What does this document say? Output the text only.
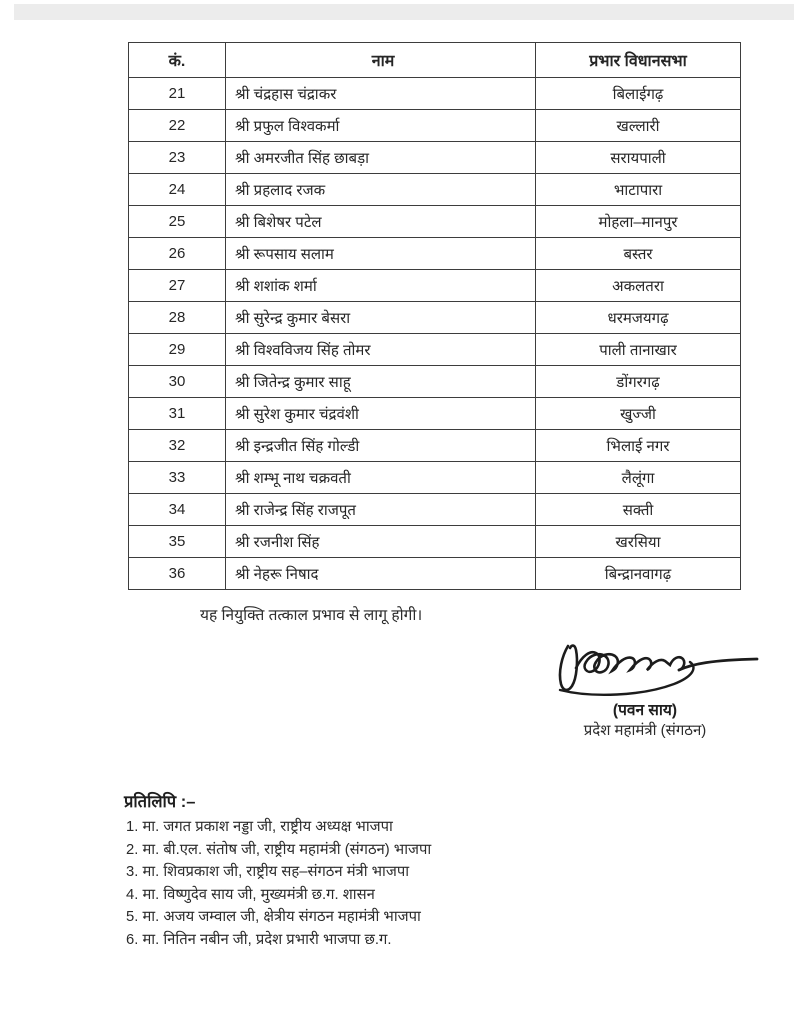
कं.	नाम	प्रभार विधानसभा
21	श्री चंद्रहास चंद्राकर	बिलाईगढ़
22	श्री प्रफुल विश्वकर्मा	खल्लारी
23	श्री अमरजीत सिंह छाबड़ा	सरायपाली
24	श्री प्रहलाद रजक	भाटापारा
25	श्री बिशेषर पटेल	मोहला–मानपुर
26	श्री रूपसाय सलाम	बस्तर
27	श्री शशांक शर्मा	अकलतरा
28	श्री सुरेन्द्र कुमार बेसरा	धरमजयगढ़
29	श्री विश्वविजय सिंह तोमर	पाली तानाखार
30	श्री जितेन्द्र कुमार साहू	डोंगरगढ़
31	श्री सुरेश कुमार चंद्रवंशी	खुज्जी
32	श्री इन्द्रजीत सिंह गोल्डी	भिलाई नगर
33	श्री शम्भू नाथ चक्रवती	लैलूंगा
34	श्री राजेन्द्र सिंह राजपूत	सक्ती
35	श्री रजनीश सिंह	खरसिया
36	श्री नेहरू निषाद	बिन्द्रानवागढ़

यह नियुक्ति तत्काल प्रभाव से लागू होगी।

(पवन साय)
प्रदेश महामंत्री (संगठन)
प्रतिलिपि :–
1. मा. जगत प्रकाश नड्डा जी, राष्ट्रीय अध्यक्ष भाजपा
2. मा. बी.एल. संतोष जी, राष्ट्रीय महामंत्री (संगठन) भाजपा
3. मा. शिवप्रकाश जी, राष्ट्रीय सह–संगठन मंत्री भाजपा
4. मा. विष्णुदेव साय जी, मुख्यमंत्री छ.ग. शासन
5. मा. अजय जम्वाल जी, क्षेत्रीय संगठन महामंत्री भाजपा
6. मा. नितिन नबीन जी, प्रदेश प्रभारी भाजपा छ.ग.
